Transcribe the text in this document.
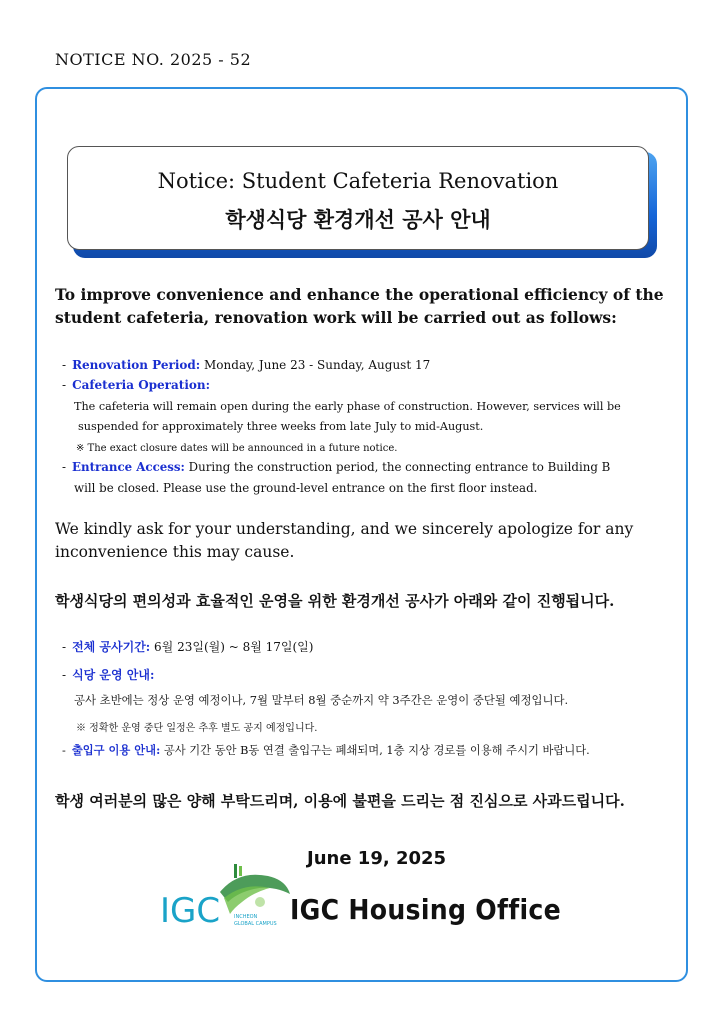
NOTICE NO. 2025 - 52
Notice: Student Cafeteria Renovation
학생식당 환경개선 공사 안내
To improve convenience and enhance the operational efficiency of the student cafeteria, renovation work will be carried out as follows:
- Renovation Period: Monday, June 23 - Sunday, August 17
- Cafeteria Operation:
The cafeteria will remain open during the early phase of construction. However, services will be
suspended for approximately three weeks from late July to mid-August.
※ The exact closure dates will be announced in a future notice.
- Entrance Access: During the construction period, the connecting entrance to Building B
will be closed. Please use the ground-level entrance on the first floor instead.
We kindly ask for your understanding, and we sincerely apologize for any inconvenience this may cause.
학생식당의 편의성과 효율적인 운영을 위한 환경개선 공사가 아래와 같이 진행됩니다.
- 전체 공사기간: 6월 23일(월) ~ 8월 17일(일)
- 식당 운영 안내:
공사 초반에는 정상 운영 예정이나, 7월 말부터 8월 중순까지 약 3주간은 운영이 중단될 예정입니다.
※ 정확한 운영 중단 일정은 추후 별도 공지 예정입니다.
- 출입구 이용 안내: 공사 기간 동안 B동 연결 출입구는 폐쇄되며, 1층 지상 경로를 이용해 주시기 바랍니다.
학생 여러분의 많은 양해 부탁드리며, 이용에 불편을 드리는 점 진심으로 사과드립니다.
June 19, 2025
IGC	INCHEON
GLOBAL CAMPUS IGC Housing Office
